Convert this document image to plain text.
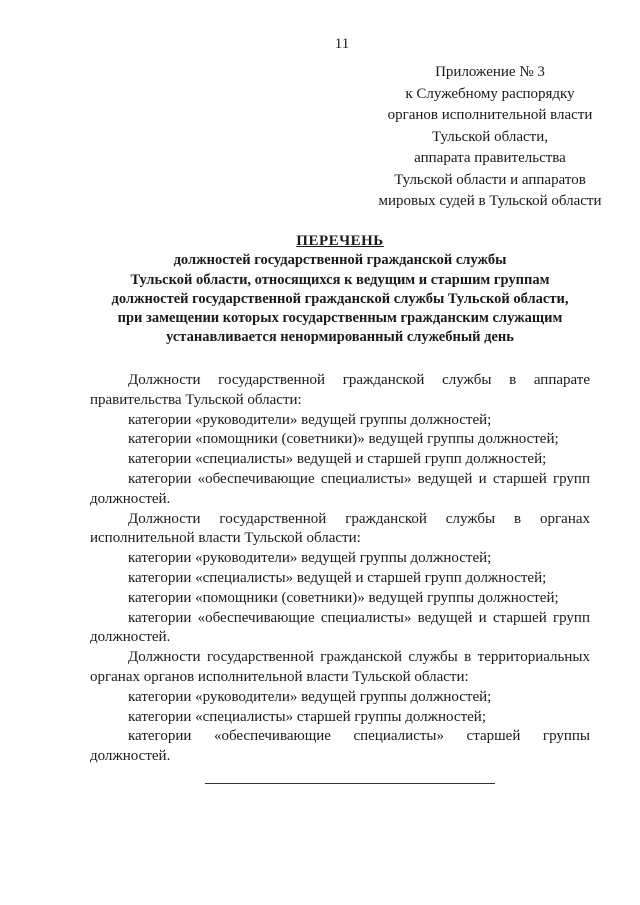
11
Приложение № 3
к Служебному распорядку
органов исполнительной власти
Тульской области,
аппарата правительства
Тульской области и аппаратов
мировых судей в Тульской области
ПЕРЕЧЕНЬ
должностей государственной гражданской службы
Тульской области, относящихся к ведущим и старшим группам
должностей государственной гражданской службы Тульской области,
при замещении которых государственным гражданским служащим
устанавливается ненормированный служебный день

Должности государственной гражданской службы в аппарате правительства Тульской области:

категории «руководители» ведущей группы должностей;

категории «помощники (советники)» ведущей группы должностей;

категории «специалисты» ведущей и старшей групп должностей;

категории «обеспечивающие специалисты» ведущей и старшей групп должностей.

Должности государственной гражданской службы в органах исполнительной власти Тульской области:

категории «руководители» ведущей группы должностей;

категории «специалисты» ведущей и старшей групп должностей;

категории «помощники (советники)» ведущей группы должностей;

категории «обеспечивающие специалисты» ведущей и старшей групп должностей.

Должности государственной гражданской службы в территориальных органах органов исполнительной власти Тульской области:

категории «руководители» ведущей группы должностей;

категории «специалисты» старшей группы должностей;

категории «обеспечивающие специалисты» старшей группы должностей.
